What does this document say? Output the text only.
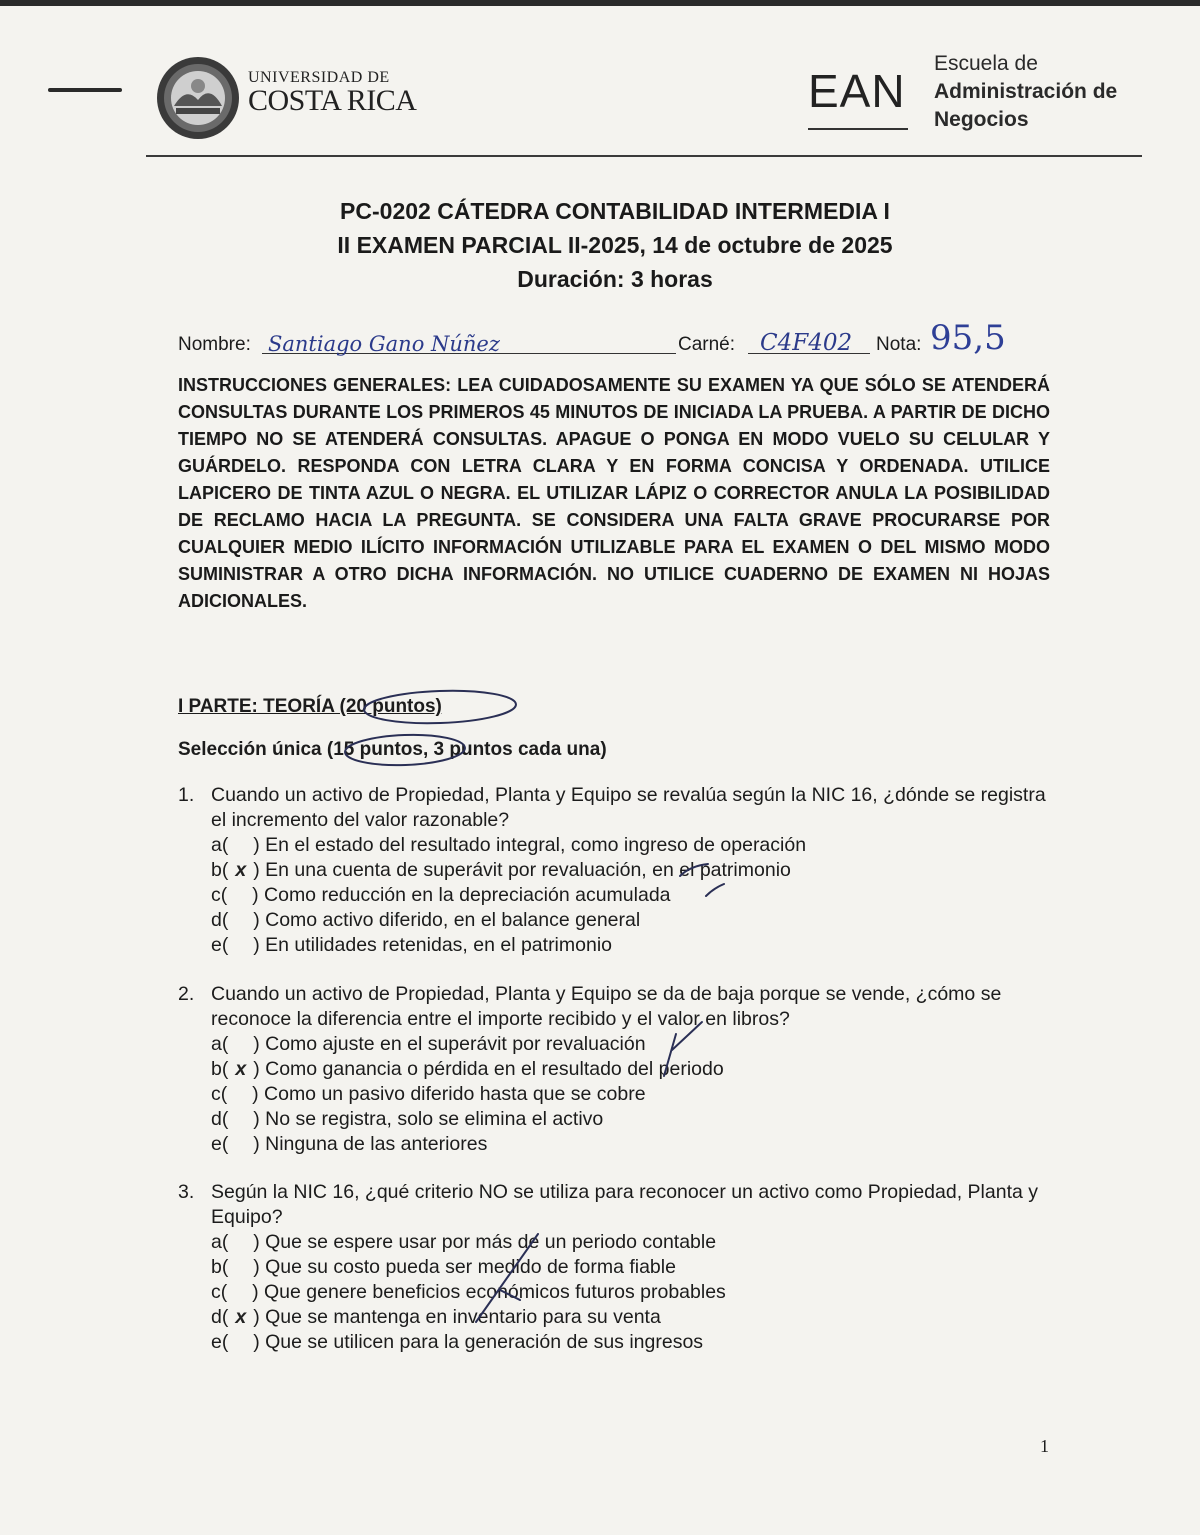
UNIVERSIDAD DE
COSTA RICA	EAN
Escuela de
Administración de
Negocios
PC-0202 CÁTEDRA CONTABILIDAD INTERMEDIA I
II EXAMEN PARCIAL II-2025, 14 de octubre de 2025
Duración: 3 horas
Nombre: Santiago Gano Núñez	Carné: C4F402 Nota: 95,5
INSTRUCCIONES GENERALES: LEA CUIDADOSAMENTE SU EXAMEN YA QUE SÓLO SE ATENDERÁ CONSULTAS DURANTE LOS PRIMEROS 45 MINUTOS DE INICIADA LA PRUEBA. A PARTIR DE DICHO TIEMPO NO SE ATENDERÁ CONSULTAS. APAGUE O PONGA EN MODO VUELO SU CELULAR Y GUÁRDELO. RESPONDA CON LETRA CLARA Y EN FORMA CONCISA Y ORDENADA. UTILICE LAPICERO DE TINTA AZUL O NEGRA. EL UTILIZAR LÁPIZ O CORRECTOR ANULA LA POSIBILIDAD DE RECLAMO HACIA LA PREGUNTA. SE CONSIDERA UNA FALTA GRAVE PROCURARSE POR CUALQUIER MEDIO ILÍCITO INFORMACIÓN UTILIZABLE PARA EL EXAMEN O DEL MISMO MODO SUMINISTRAR A OTRO DICHA INFORMACIÓN. NO UTILICE CUADERNO DE EXAMEN NI HOJAS ADICIONALES.
I PARTE: TEORÍA (20 puntos)
Selección única (15 puntos, 3 puntos cada una)
1. Cuando un activo de Propiedad, Planta y Equipo se revalúa según la NIC 16, ¿dónde se registra el incremento del valor razonable?
a(  ) En el estado del resultado integral, como ingreso de operación
b( x ) En una cuenta de superávit por revaluación, en el patrimonio
c(  ) Como reducción en la depreciación acumulada
d(  ) Como activo diferido, en el balance general
e(  ) En utilidades retenidas, en el patrimonio
2. Cuando un activo de Propiedad, Planta y Equipo se da de baja porque se vende, ¿cómo se reconoce la diferencia entre el importe recibido y el valor en libros?
a(  ) Como ajuste en el superávit por revaluación
b( x ) Como ganancia o pérdida en el resultado del periodo
c(  ) Como un pasivo diferido hasta que se cobre
d(  ) No se registra, solo se elimina el activo
e(  ) Ninguna de las anteriores
3. Según la NIC 16, ¿qué criterio NO se utiliza para reconocer un activo como Propiedad, Planta y Equipo?
a(  ) Que se espere usar por más de un periodo contable
b(  ) Que su costo pueda ser medido de forma fiable
c(  ) Que genere beneficios económicos futuros probables
d( x ) Que se mantenga en inventario para su venta
e(  ) Que se utilicen para la generación de sus ingresos
1
